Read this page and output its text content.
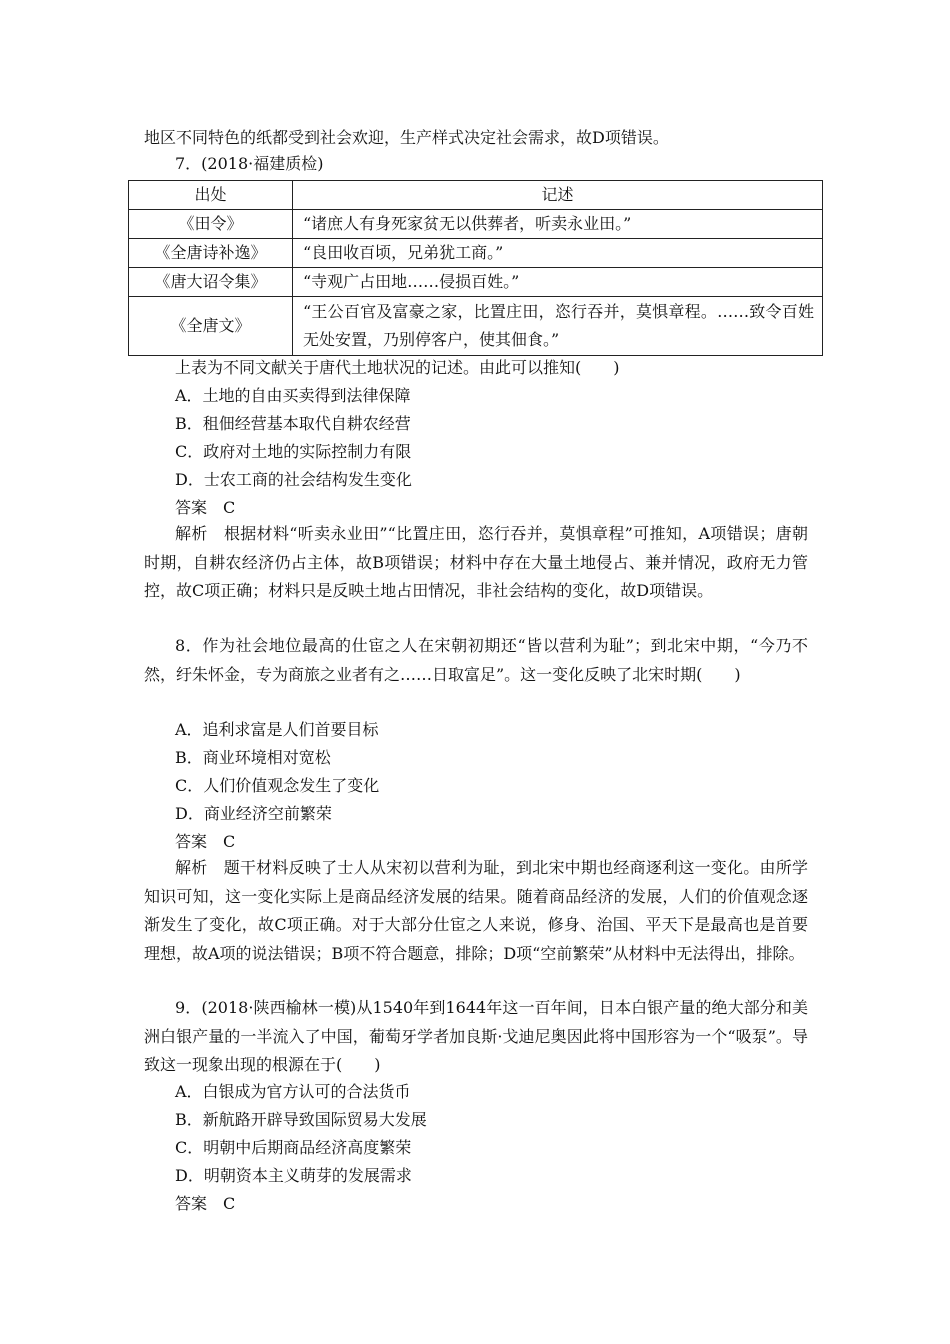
地区不同特色的纸都受到社会欢迎，生产样式决定社会需求，故D项错误。
7．(2018·福建质检)
出处	记述
《田令》	“诸庶人有身死家贫无以供葬者，听卖永业田。”
《全唐诗补逸》	“良田收百顷，兄弟犹工商。”
《唐大诏令集》	“寺观广占田地……侵损百姓。”
《全唐文》	“王公百官及富豪之家，比置庄田，恣行吞并，莫惧章程。……致令百姓无处安置，乃别停客户，使其佃食。”
上表为不同文献关于唐代土地状况的记述。由此可以推知(　　)
A．土地的自由买卖得到法律保障
B．租佃经营基本取代自耕农经营
C．政府对土地的实际控制力有限
D．士农工商的社会结构发生变化
答案　C
解析　根据材料“听卖永业田”“比置庄田，恣行吞并，莫惧章程”可推知，A项错误；唐朝时期，自耕农经济仍占主体，故B项错误；材料中存在大量土地侵占、兼并情况，政府无力管控，故C项正确；材料只是反映土地占田情况，非社会结构的变化，故D项错误。
8．作为社会地位最高的仕宦之人在宋朝初期还“皆以营利为耻”；到北宋中期，“今乃不然，纡朱怀金，专为商旅之业者有之……日取富足”。这一变化反映了北宋时期(　　)
A．追利求富是人们首要目标
B．商业环境相对宽松
C．人们价值观念发生了变化
D．商业经济空前繁荣
答案　C
解析　题干材料反映了士人从宋初以营利为耻，到北宋中期也经商逐利这一变化。由所学知识可知，这一变化实际上是商品经济发展的结果。随着商品经济的发展，人们的价值观念逐渐发生了变化，故C项正确。对于大部分仕宦之人来说，修身、治国、平天下是最高也是首要理想，故A项的说法错误；B项不符合题意，排除；D项“空前繁荣”从材料中无法得出，排除。
9．(2018·陕西榆林一模)从1540年到1644年这一百年间，日本白银产量的绝大部分和美洲白银产量的一半流入了中国，葡萄牙学者加良斯·戈迪尼奥因此将中国形容为一个“吸泵”。导致这一现象出现的根源在于(　　)
A．白银成为官方认可的合法货币
B．新航路开辟导致国际贸易大发展
C．明朝中后期商品经济高度繁荣
D．明朝资本主义萌芽的发展需求
答案　C
